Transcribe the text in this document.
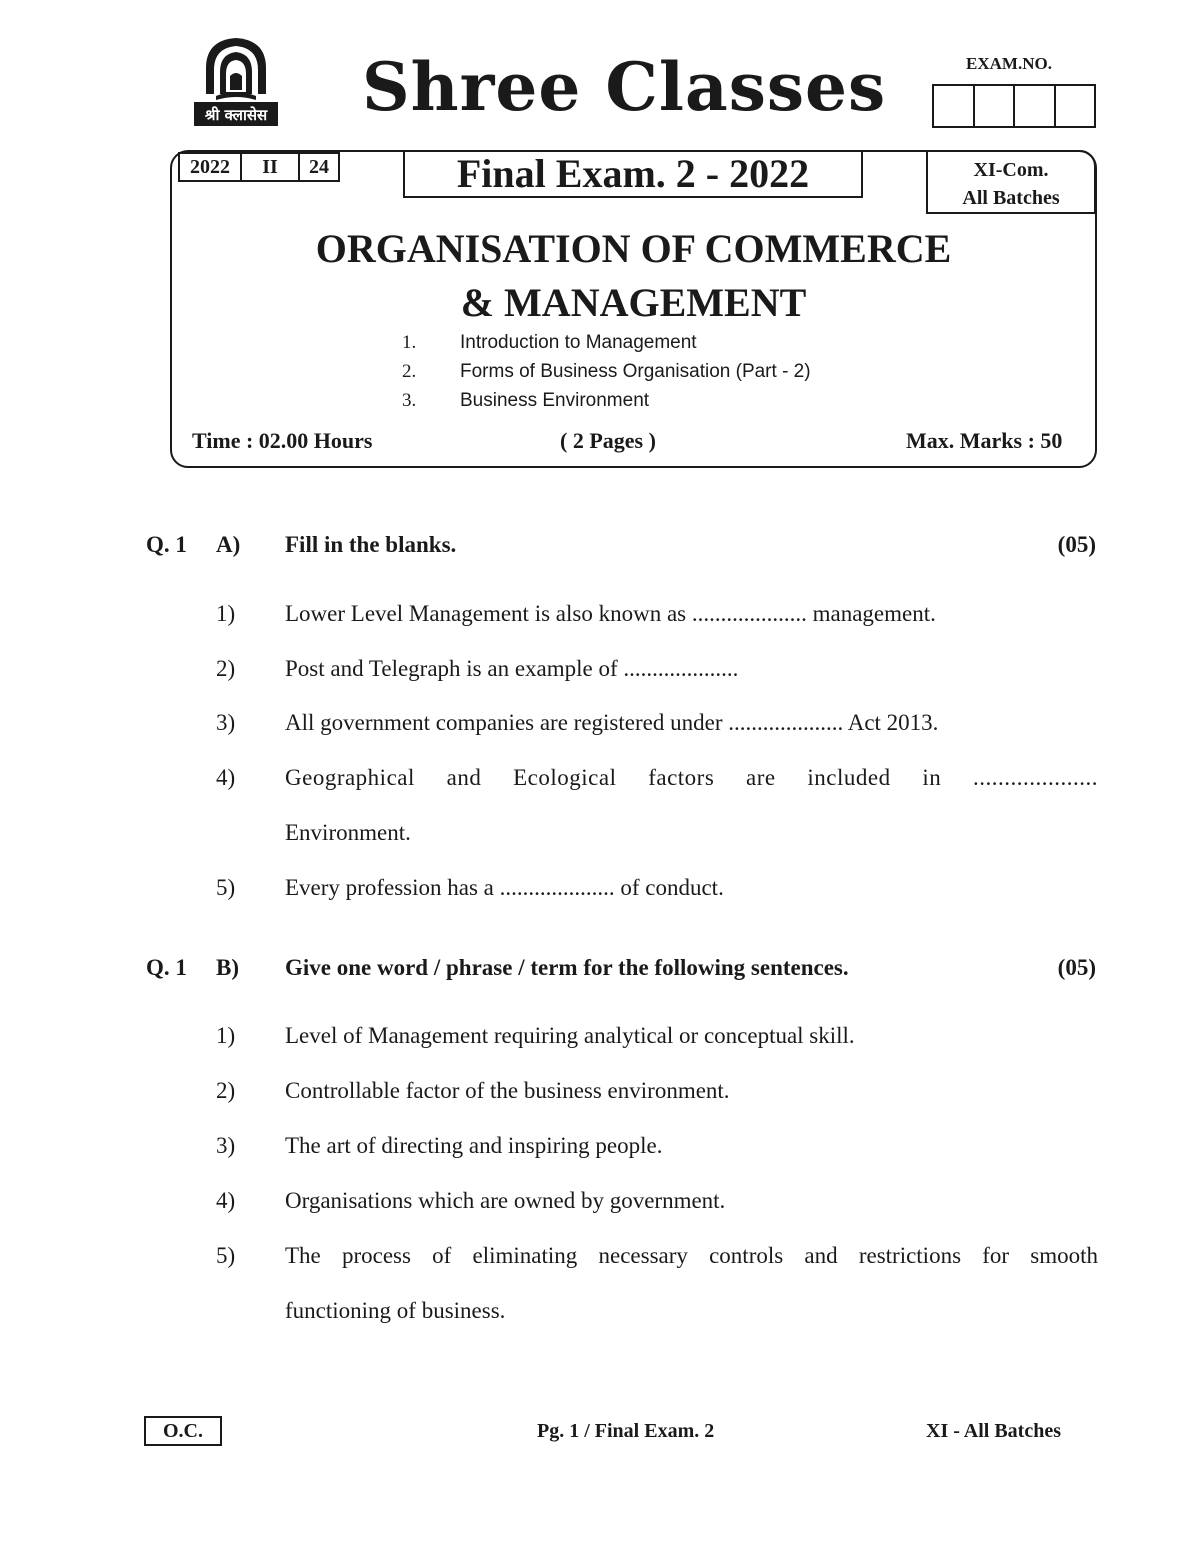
श्री क्लासेस Shree Classes	EXAM.NO.
2022	II	24	Final Exam. 2 - 2022	XI-Com.
All Batches
ORGANISATION OF COMMERCE
& MANAGEMENT
1.	Introduction to Management
2.	Forms of Business Organisation (Part - 2)
3.	Business Environment
Time : 02.00 Hours	( 2 Pages )	Max. Marks : 50
Q. 1 A) Fill in the blanks.	(05)
1) Lower Level Management is also known as .................... management.
2) Post and Telegraph is an example of ....................
3) All government companies are registered under .................... Act 2013.
4) Geographical and Ecological factors are included in ....................
Environment.
5) Every profession has a .................... of conduct.
Q. 1 B) Give one word / phrase / term for the following sentences.	(05)
1) Level of Management requiring analytical or conceptual skill.
2) Controllable factor of the business environment.
3) The art of directing and inspiring people.
4) Organisations which are owned by government.
5) The process of eliminating necessary controls and restrictions for smooth
functioning of business.
O.C.	Pg. 1 / Final Exam. 2	XI - All Batches
